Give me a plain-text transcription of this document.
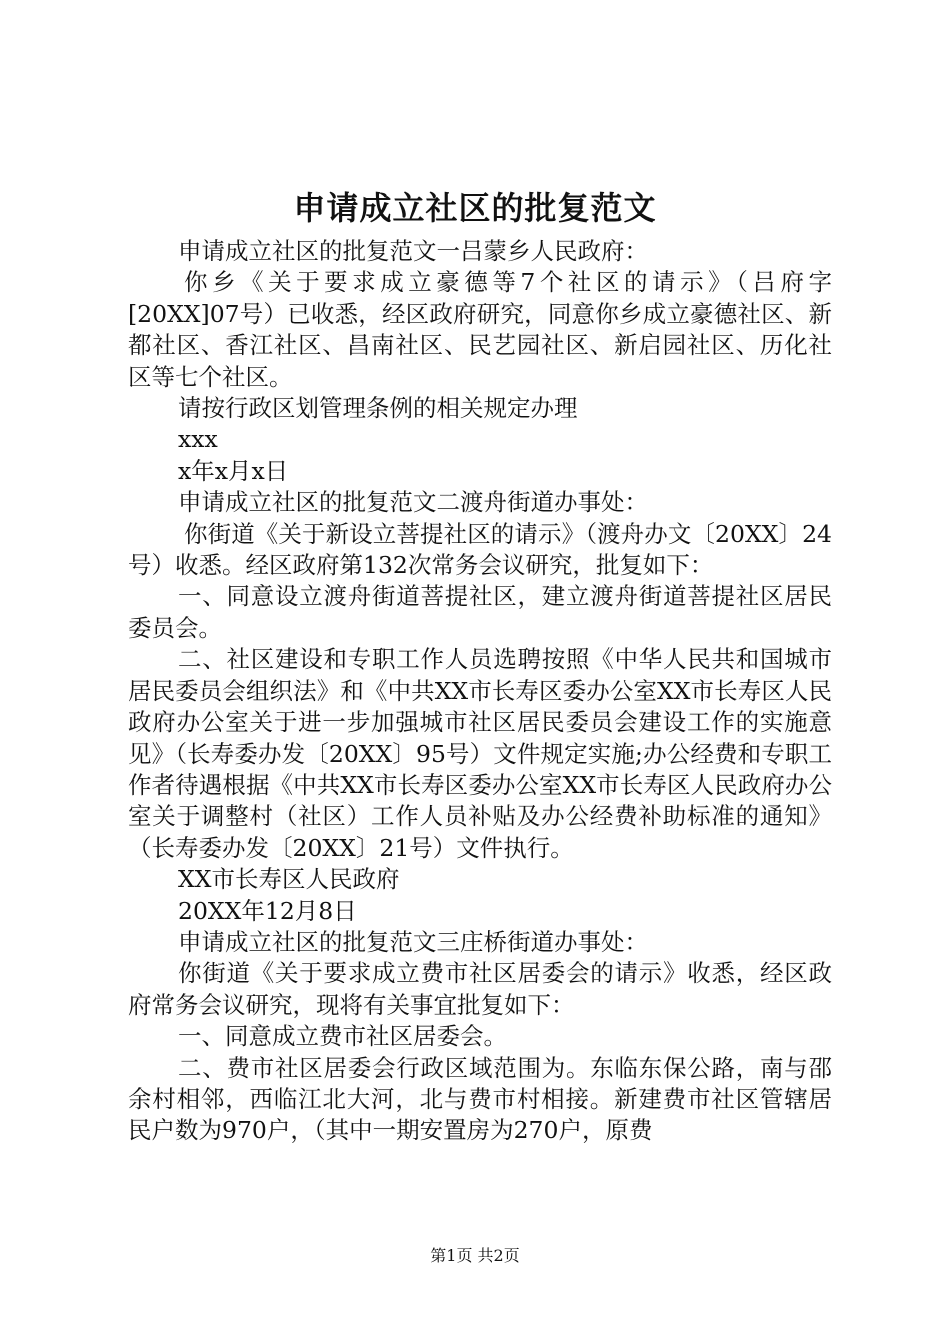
申请成立社区的批复范文

申请成立社区的批复范文一吕蒙乡人民政府：

你乡《关于要求成立豪德等7个社区的请示》（吕府字[20XX]07号）已收悉，经区政府研究，同意你乡成立豪德社区、新都社区、香江社区、昌南社区、民艺园社区、新启园社区、历化社区等七个社区。

请按行政区划管理条例的相关规定办理

xxx

x年x月x日

申请成立社区的批复范文二渡舟街道办事处：

你街道《关于新设立菩提社区的请示》（渡舟办文〔20XX〕24号）收悉。经区政府第132次常务会议研究，批复如下：

一、同意设立渡舟街道菩提社区，建立渡舟街道菩提社区居民委员会。

二、社区建设和专职工作人员选聘按照《中华人民共和国城市居民委员会组织法》和《中共XX市长寿区委办公室XX市长寿区人民政府办公室关于进一步加强城市社区居民委员会建设工作的实施意见》（长寿委办发〔20XX〕95号）文件规定实施;办公经费和专职工作者待遇根据《中共XX市长寿区委办公室XX市长寿区人民政府办公室关于调整村（社区）工作人员补贴及办公经费补助标准的通知》（长寿委办发〔20XX〕21号）文件执行。

XX市长寿区人民政府

20XX年12月8日

申请成立社区的批复范文三庄桥街道办事处：

你街道《关于要求成立费市社区居委会的请示》收悉，经区政府常务会议研究，现将有关事宜批复如下：

一、同意成立费市社区居委会。

二、费市社区居委会行政区域范围为。东临东保公路，南与邵余村相邻，西临江北大河，北与费市村相接。新建费市社区管辖居民户数为970户，（其中一期安置房为270户，原费

第1页 共2页
